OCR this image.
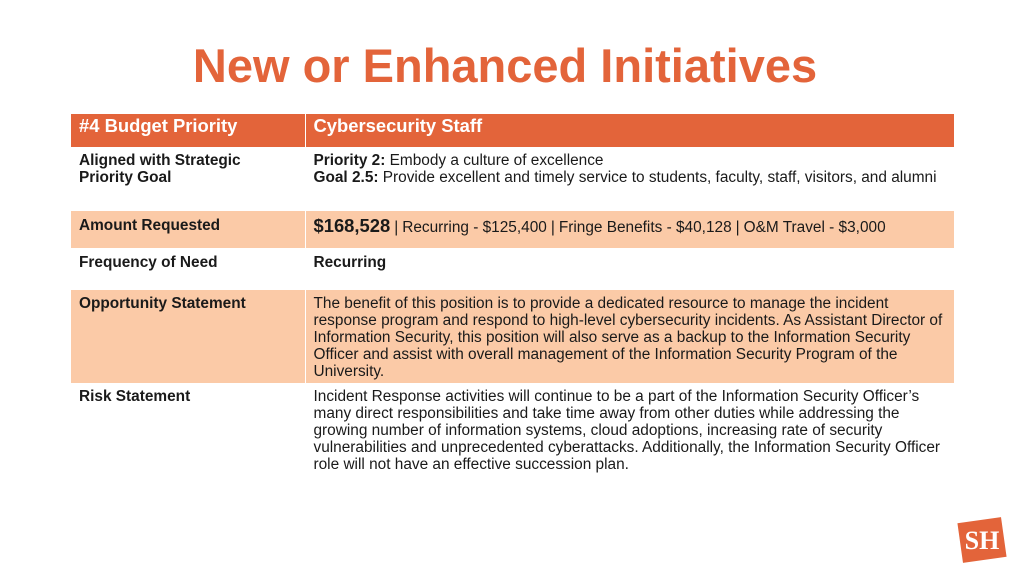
New or Enhanced Initiatives
#4 Budget Priority	Cybersecurity Staff
Aligned with Strategic Priority Goal	Priority 2: Embody a culture of excellence
Goal 2.5: Provide excellent and timely service to students, faculty, staff, visitors, and alumni

Amount Requested	$168,528 | Recurring - $125,400 | Fringe Benefits - $40,128 | O&M Travel - $3,000
Frequency of Need	Recurring
Opportunity Statement	The benefit of this position is to provide a dedicated resource to manage the incident response program and respond to high-level cybersecurity incidents. As Assistant Director of Information Security, this position will also serve as a backup to the Information Security Officer and assist with overall management of the Information Security Program of the University.
Risk Statement	Incident Response activities will continue to be a part of the Information Security Officer’s many direct responsibilities and take time away from other duties while addressing the growing number of information systems, cloud adoptions, increasing rate of security vulnerabilities and unprecedented cyberattacks. Additionally, the Information Security Officer role will not have an effective succession plan.
SH
